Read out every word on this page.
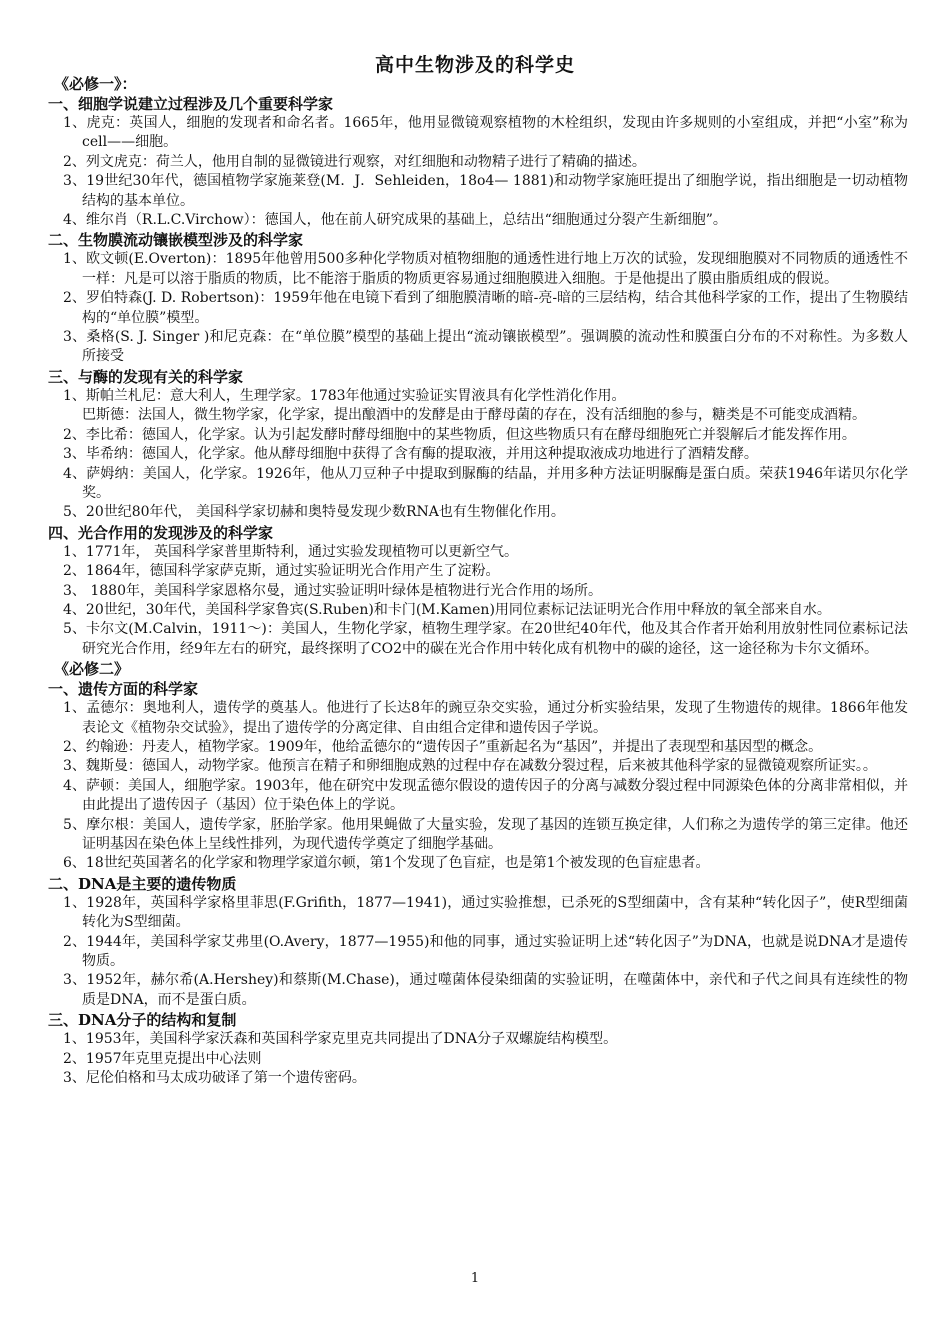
高中生物涉及的科学史
《必修一》：
一、细胞学说建立过程涉及几个重要科学家
1、虎克：英国人，细胞的发现者和命名者。1665年，他用显微镜观察植物的木栓组织，发现由许多规则的小室组成，并把“小室”称为cell——细胞。
2、列文虎克：荷兰人，他用自制的显微镜进行观察，对红细胞和动物精子进行了精确的描述。
3、19世纪30年代，德国植物学家施莱登(M．J．Sehleiden，18o4— 1881)和动物学家施旺提出了细胞学说，指出细胞是一切动植物结构的基本单位。
4、维尔肖（R.L.C.Virchow）：德国人，他在前人研究成果的基础上，总结出“细胞通过分裂产生新细胞”。
二、生物膜流动镶嵌模型涉及的科学家
1、欧文顿(E.Overton)：1895年他曾用500多种化学物质对植物细胞的通透性进行地上万次的试验，发现细胞膜对不同物质的通透性不一样：凡是可以溶于脂质的物质，比不能溶于脂质的物质更容易通过细胞膜进入细胞。于是他提出了膜由脂质组成的假说。
2、罗伯特森(J. D. Robertson)：1959年他在电镜下看到了细胞膜清晰的暗-亮-暗的三层结构，结合其他科学家的工作，提出了生物膜结构的“单位膜”模型。
3、桑格(S. J. Singer )和尼克森：在“单位膜”模型的基础上提出“流动镶嵌模型”。强调膜的流动性和膜蛋白分布的不对称性。为多数人所接受
三、与酶的发现有关的科学家
1、斯帕兰札尼：意大利人，生理学家。1783年他通过实验证实胃液具有化学性消化作用。
巴斯德：法国人，微生物学家，化学家，提出酿酒中的发酵是由于酵母菌的存在，没有活细胞的参与，糖类是不可能变成酒精。
2、李比希：德国人，化学家。认为引起发酵时酵母细胞中的某些物质，但这些物质只有在酵母细胞死亡并裂解后才能发挥作用。
3、毕希纳：德国人，化学家。他从酵母细胞中获得了含有酶的提取液，并用这种提取液成功地进行了酒精发酵。
4、萨姆纳：美国人，化学家。1926年，他从刀豆种子中提取到脲酶的结晶，并用多种方法证明脲酶是蛋白质。荣获1946年诺贝尔化学奖。
5、20世纪80年代， 美国科学家切赫和奥特曼发现少数RNA也有生物催化作用。
四、光合作用的发现涉及的科学家
1、1771年， 英国科学家普里斯特利，通过实验发现植物可以更新空气。
2、1864年，德国科学家萨克斯，通过实验证明光合作用产生了淀粉。
3、 1880年，美国科学家恩格尔曼，通过实验证明叶绿体是植物进行光合作用的场所。
4、20世纪，30年代，美国科学家鲁宾(S.Ruben)和卡门(M.Kamen)用同位素标记法证明光合作用中释放的氧全部来自水。
5、卡尔文(M.Calvin，1911～)：美国人，生物化学家，植物生理学家。在20世纪40年代，他及其合作者开始利用放射性同位素标记法研究光合作用，经9年左右的研究，最终探明了CO2中的碳在光合作用中转化成有机物中的碳的途径，这一途径称为卡尔文循环。
《必修二》
一、遗传方面的科学家
1、孟德尔：奥地利人，遗传学的奠基人。他进行了长达8年的豌豆杂交实验，通过分析实验结果，发现了生物遗传的规律。1866年他发表论文《植物杂交试验》，提出了遗传学的分离定律、自由组合定律和遗传因子学说。
2、约翰逊：丹麦人，植物学家。1909年，他给孟德尔的“遗传因子”重新起名为“基因”，并提出了表现型和基因型的概念。
3、魏斯曼：德国人，动物学家。他预言在精子和卵细胞成熟的过程中存在减数分裂过程，后来被其他科学家的显微镜观察所证实。。
4、萨顿：美国人，细胞学家。1903年，他在研究中发现孟德尔假设的遗传因子的分离与减数分裂过程中同源染色体的分离非常相似，并由此提出了遗传因子（基因）位于染色体上的学说。
5、摩尔根：美国人，遗传学家，胚胎学家。他用果蝇做了大量实验，发现了基因的连锁互换定律，人们称之为遗传学的第三定律。他还证明基因在染色体上呈线性排列，为现代遗传学奠定了细胞学基础。
6、18世纪英国著名的化学家和物理学家道尔顿，第1个发现了色盲症，也是第1个被发现的色盲症患者。
二、DNA是主要的遗传物质
1、1928年，英国科学家格里菲思(F.Grifith，1877—1941)，通过实验推想，已杀死的S型细菌中，含有某种“转化因子”，使R型细菌转化为S型细菌。
2、1944年，美国科学家艾弗里(O.Avery，1877—1955)和他的同事，通过实验证明上述“转化因子”为DNA，也就是说DNA才是遗传物质。
3、1952年，赫尔希(A.Hershey)和蔡斯(M.Chase)，通过噬菌体侵染细菌的实验证明，在噬菌体中，亲代和子代之间具有连续性的物质是DNA，而不是蛋白质。
三、DNA分子的结构和复制
1、1953年，美国科学家沃森和英国科学家克里克共同提出了DNA分子双螺旋结构模型。
2、1957年克里克提出中心法则
3、尼伦伯格和马太成功破译了第一个遗传密码。
1
